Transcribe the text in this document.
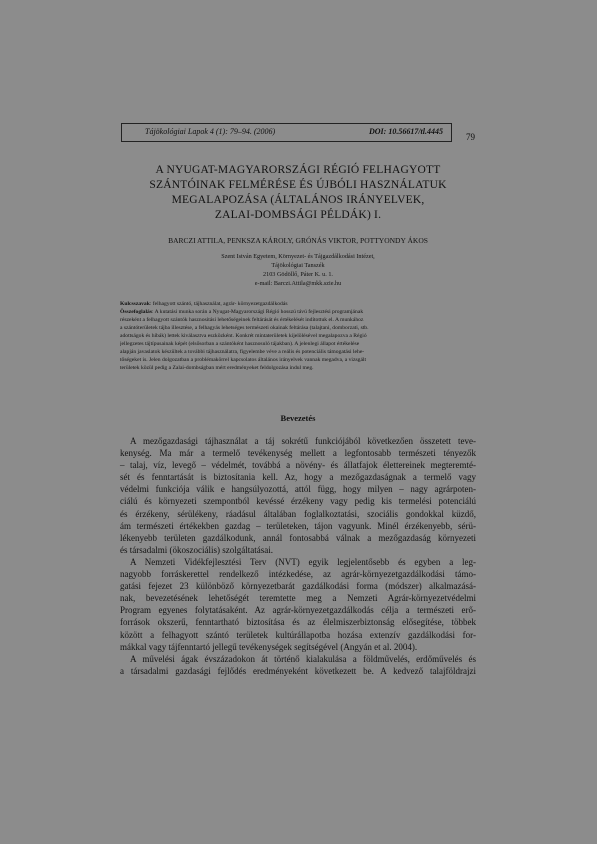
Tájökológiai Lapok 4 (1): 79–94. (2006)	DOI: 10.56617/tl.4445
79
A NYUGAT-MAGYARORSZÁGI RÉGIÓ FELHAGYOTT
SZÁNTÓINAK FELMÉRÉSE ÉS ÚJBÓLI HASZNÁLATUK
MEGALAPOZÁSA (ÁLTALÁNOS IRÁNYELVEK,
ZALAI-DOMBSÁGI PÉLDÁK) I.
BARCZI ATTILA, PENKSZA KÁROLY, GRÓNÁS VIKTOR, POTTYONDY ÁKOS
Szent István Egyetem, Környezet- és Tájgazdálkodási Intézet,
Tájökológiai Tanszék
2103 Gödöllő, Páter K. u. 1.
e-mail: Barczi.Attila@mkk.szie.hu
Kulcsszavak: felhagyott szántó, tájhasználat, agrár- környezetgazdálkodás
Összefoglalás: A kutatási munka során a Nyugat-Magyarországi Régió hosszú távú fejlesztési programjának
részeként a felhagyott szántók hasznosítási lehetőségeinek feltárását és értékelését indítottuk el. A munkához
a szántóterületek tájba illesztése, a felhagyás lehetséges természeti okainak feltárása (talajtani, domborzati, stb.
adottságok és hibák) lettek kiválasztva eszközként. Konkrét mintaterületek kijelölésével megalapozva a Régió
jellegzetes tájtípusainak képét (elsősorban a szántóként hasznosuló tájakban). A jelenlegi állapot értékelése
alapján javaslatok készültek a további tájhasználatra, figyelembe véve a reális és potenciális támogatási lehe-
tőségeket is. Jelen dolgozatban a problémakörrel kapcsolatos általános irányelvek vannak megadva, a vizsgált
területek közül pedig a Zalai-dombságban mért eredményeket feldolgozása indul meg.
Bevezetés
A mezőgazdasági tájhasználat a táj sokrétű funkciójából következően összetett teve-
kenység. Ma már a termelő tevékenység mellett a legfontosabb természeti tényezők
– talaj, víz, levegő – védelmét, továbbá a növény- és állatfajok élettereinek megteremté-
sét és fenntartását is biztosítania kell. Az, hogy a mezőgazdaságnak a termelő vagy
védelmi funkciója válik e hangsúlyozottá, attól függ, hogy milyen – nagy agrárpoten-
ciálú és környezeti szempontból kevéssé érzékeny vagy pedig kis termelési potenciálú
és érzékeny, sérülékeny, ráadásul általában foglalkoztatási, szociális gondokkal küzdő,
ám természeti értékekben gazdag – területeken, tájon vagyunk. Minél érzékenyebb, sérü-
lékenyebb területen gazdálkodunk, annál fontosabbá válnak a mezőgazdaság környezeti
és társadalmi (ökoszociális) szolgáltatásai.
A Nemzeti Vidékfejlesztési Terv (NVT) egyik legjelentősebb és egyben a leg-
nagyobb forráskerettel rendelkező intézkedése, az agrár-környezetgazdálkodási támo-
gatási fejezet 23 különböző környezetbarát gazdálkodási forma (módszer) alkalmazásá-
nak, bevezetésének lehetőségét teremtette meg a Nemzeti Agrár-környezetvédelmi
Program egyenes folytatásaként. Az agrár-környezetgazdálkodás célja a természeti erő-
források okszerű, fenntartható biztosítása és az élelmiszerbiztonság elősegítése, többek
között a felhagyott szántó területek kultúrállapotba hozása extenzív gazdálkodási for-
mákkal vagy tájfenntartó jellegű tevékenységek segítségével (Angyán et al. 2004).
A művelési ágak évszázadokon át történő kialakulása a földművelés, erdőművelés és
a társadalmi gazdasági fejlődés eredményeként következett be. A kedvező talajföldrajzi
